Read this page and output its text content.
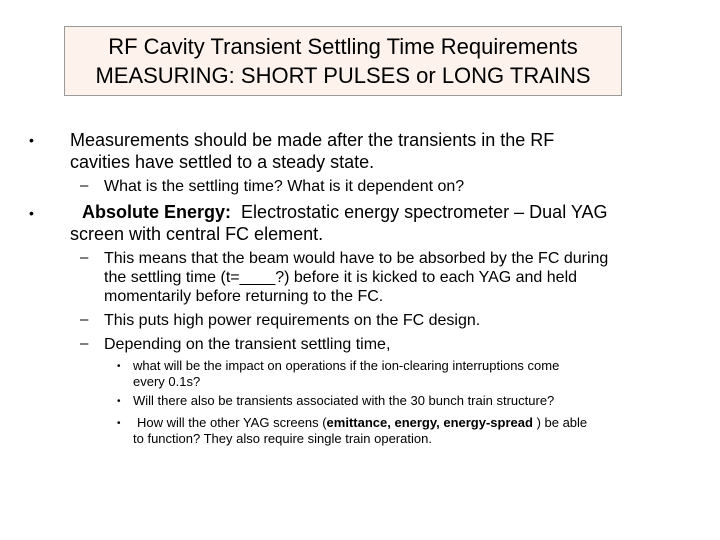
RF Cavity Transient Settling Time Requirements
MEASURING: SHORT PULSES or LONG TRAINS
• Measurements should be made after the transients in the RF
cavities have settled to a steady state.
– What is the settling time? What is it dependent on?
•	Absolute Energy: Electrostatic energy spectrometer – Dual YAG
screen with central FC element.
– This means that the beam would have to be absorbed by the FC during
the settling time (t=____?) before it is kicked to each YAG and held
momentarily before returning to the FC.
– This puts high power requirements on the FC design.
– Depending on the transient settling time,
• what will be the impact on operations if the ion-clearing interruptions come
every 0.1s?
• Will there also be transients associated with the 30 bunch train structure?
• How will the other YAG screens (emittance, energy, energy-spread ) be able
to function? They also require single train operation.
